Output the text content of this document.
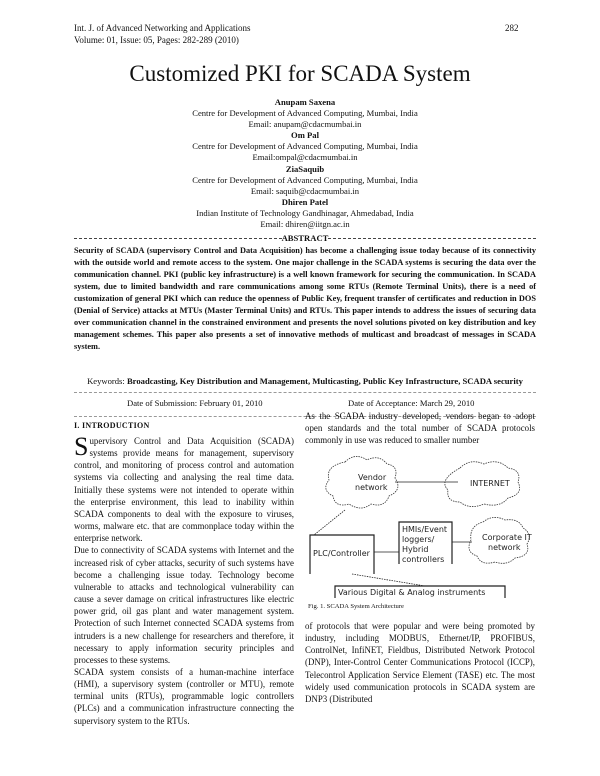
Int. J. of Advanced Networking and Applications
Volume: 01, Issue: 05, Pages: 282-289 (2010)
282
Customized PKI for SCADA System
Anupam Saxena
Centre for Development of Advanced Computing, Mumbai, India
Email: anupam@cdacmumbai.in
Om Pal
Centre for Development of Advanced Computing, Mumbai, India
Email:ompal@cdacmumbai.in
ZiaSaquib
Centre for Development of Advanced Computing, Mumbai, India
Email: saquib@cdacmumbai.in
Dhiren Patel
Indian Institute of Technology Gandhinagar, Ahmedabad, India
Email: dhiren@iitgn.ac.in
ABSTRACT
Security of SCADA (supervisory Control and Data Acquisition) has become a challenging issue today because of its connectivity with the outside world and remote access to the system. One major challenge in the SCADA systems is securing the data over the communication channel. PKI (public key infrastructure) is a well known framework for securing the communication. In SCADA system, due to limited bandwidth and rare communications among some RTUs (Remote Terminal Units), there is a need of customization of general PKI which can reduce the openness of Public Key, frequent transfer of certificates and reduction in DOS (Denial of Service) attacks at MTUs (Master Terminal Units) and RTUs. This paper intends to address the issues of securing data over communication channel in the constrained environment and presents the novel solutions pivoted on key distribution and key management schemes. This paper also presents a set of innovative methods of multicast and broadcast of messages in SCADA system.
Keywords: Broadcasting, Key Distribution and Management, Multicasting, Public Key Infrastructure, SCADA security
Date of Submission: February 01, 2010	Date of Acceptance: March 29, 2010
I. INTRODUCTION

Supervisory Control and Data Acquisition (SCADA) systems provide means for management, supervisory control, and monitoring of process control and automation systems via collecting and analysing the real time data. Initially these systems were not intended to operate within the enterprise environment, this lead to inability within SCADA components to deal with the exposure to viruses, worms, malware etc. that are commonplace today within the enterprise network.

Due to connectivity of SCADA systems with Internet and the increased risk of cyber attacks, security of such systems have become a challenging issue today. Technology become vulnerable to attacks and technological vulnerability can cause a sever damage on critical infrastructures like electric power grid, oil gas plant and water management system. Protection of such Internet connected SCADA systems from intruders is a new challenge for researchers and therefore, it necessary to apply information security principles and processes to these systems.

SCADA system consists of a human-machine interface (HMI), a supervisory system (controller or MTU), remote terminal units (RTUs), programmable logic controllers (PLCs) and a communication infrastructure connecting the supervisory system to the RTUs.

As the SCADA industry developed, vendors began to adopt open standards and the total number of SCADA protocols commonly in use was reduced to smaller number
Vendor
network	INTERNET
Corporate IT
network
PLC/Controller
HMIs/Event
loggers/
Hybrid
controllers
Various Digital & Analog instruments
Fig. 1. SCADA System Architecture
of protocols that were popular and were being promoted by industry, including MODBUS, Ethernet/IP, PROFIBUS, ControlNet, InfiNET, Fieldbus, Distributed Network Protocol (DNP), Inter-Control Center Communications Protocol (ICCP), Telecontrol Application Service Element (TASE) etc. The most widely used communication protocols in SCADA system are DNP3 (Distributed
